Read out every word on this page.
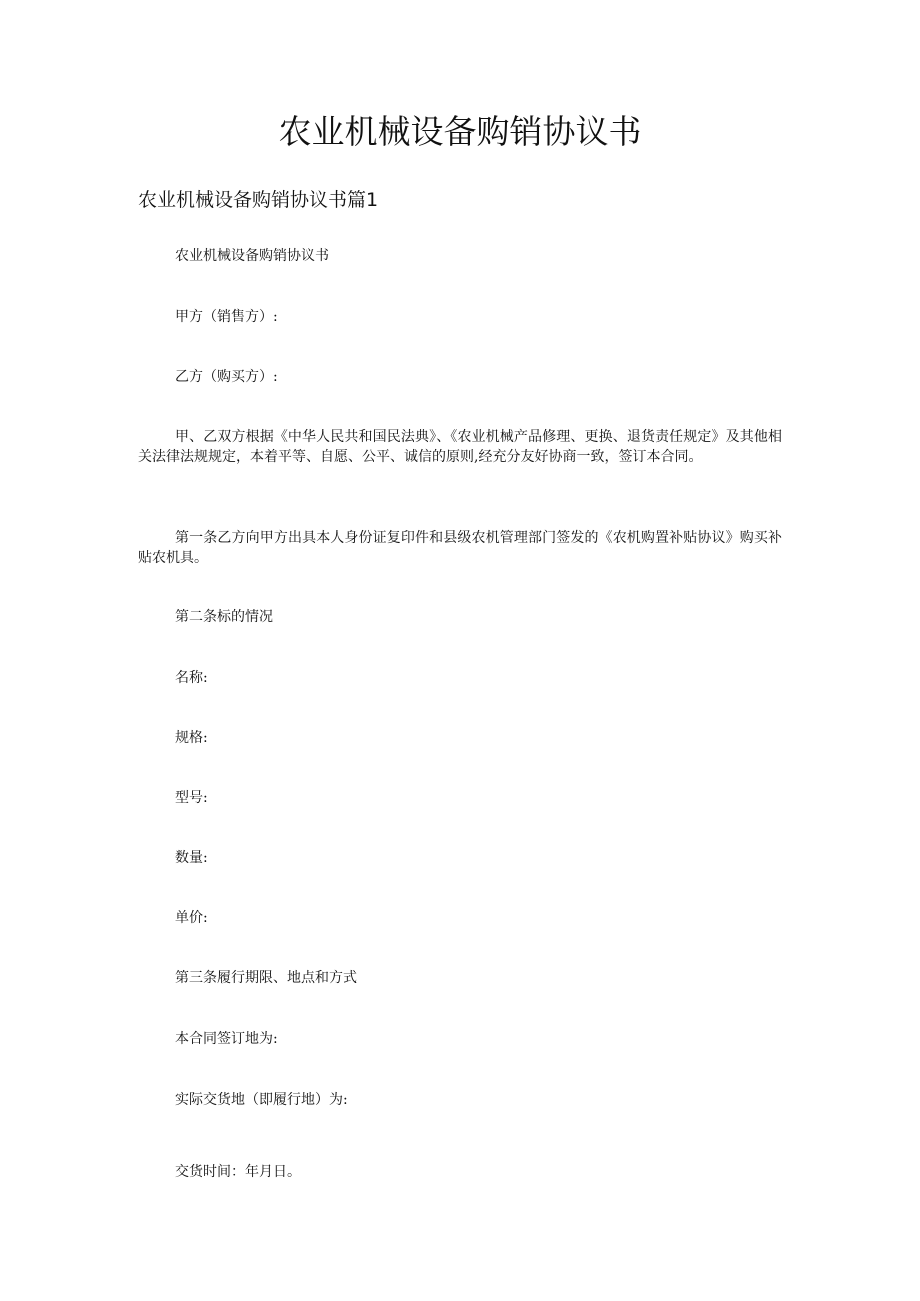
农业机械设备购销协议书
农业机械设备购销协议书篇1

农业机械设备购销协议书

甲方（销售方）:

乙方（购买方）:

甲、乙双方根据《中华人民共和国民法典》、《农业机械产品修理、更换、退货责任规定》及其他相关法律法规规定，本着平等、自愿、公平、诚信的原则,经充分友好协商一致，签订本合同。

第一条乙方向甲方出具本人身份证复印件和县级农机管理部门签发的《农机购置补贴协议》购买补贴农机具。

第二条标的情况

名称:

规格:

型号:

数量:

单价:

第三条履行期限、地点和方式

本合同签订地为:

实际交货地（即履行地）为:

交货时间：年月日。
